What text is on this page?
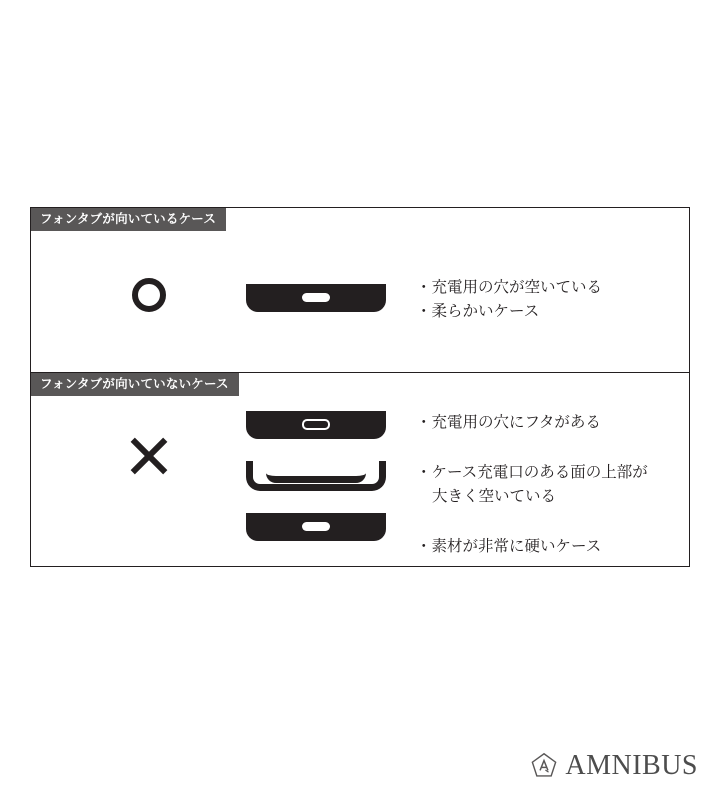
フォンタブが向いているケース
・充電用の穴が空いている
・柔らかいケース
フォンタブが向いていないケース
・充電用の穴にフタがある
・ケース充電口のある面の上部が
大きく空いている
・素材が非常に硬いケース
AMNIBUS
